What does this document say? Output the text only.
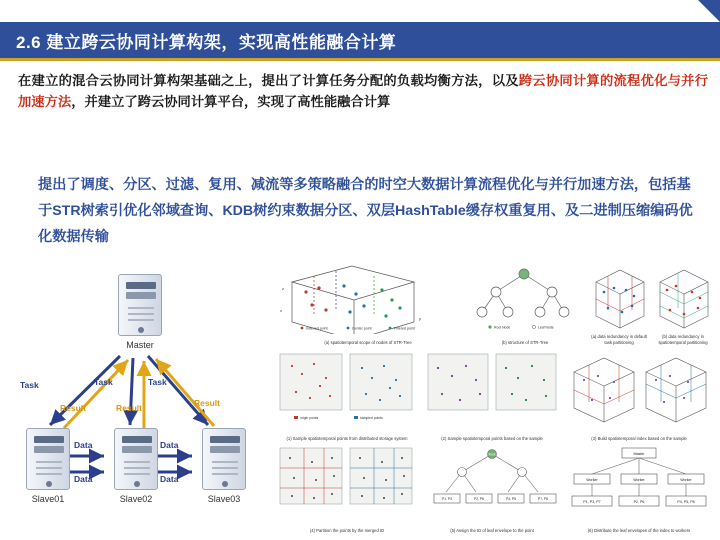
2.6 建立跨云协同计算构架，实现高性能融合计算
在建立的混合云协同计算构架基础之上，提出了计算任务分配的负载均衡方法，以及跨云协同计算的流程优化与并行加速方法，并建立了跨云协同计算平台，实现了高性能融合计算
提出了调度、分区、过滤、复用、减流等多策略融合的时空大数据计算流程优化与并行加速方法，包括基于STR树索引优化邻域查询、KDB树约束数据分区、双层HashTable缓存权重复用、及二进制压缩编码优化数据传输
Master
Task	Task	Task
Result	Result	Result
Data
Data
Data
Data
Slave01	Slave02	Slave03
z
x
y
Indexed point	Center point	Filtered point
(a) spatiotemporal scope of nodes of STR-Tree
Root Node	Leaf Node
(b) structure of STR-Tree
(a) data redundancy in default task partitioning
(b) data redundancy in spatiotemporal partitioning
origin points	sampled points
(1) Sample spatiotemporal points from distributed storage system	(2) Sample spatiotemporal points based on the sample	(3) Build spatiotemporal index based on the sample
(4) Partition the points by the merged ID
P1, P3	P2, P6	P4, P5	P7, P8
Root
(5) Assign the ID of leaf envelope to the point
Master
Worker	Worker	Worker
P1, P3, P7	P2, P6	P4, P5, P8
(6) Distribute the leaf envelopes of the index to workers
